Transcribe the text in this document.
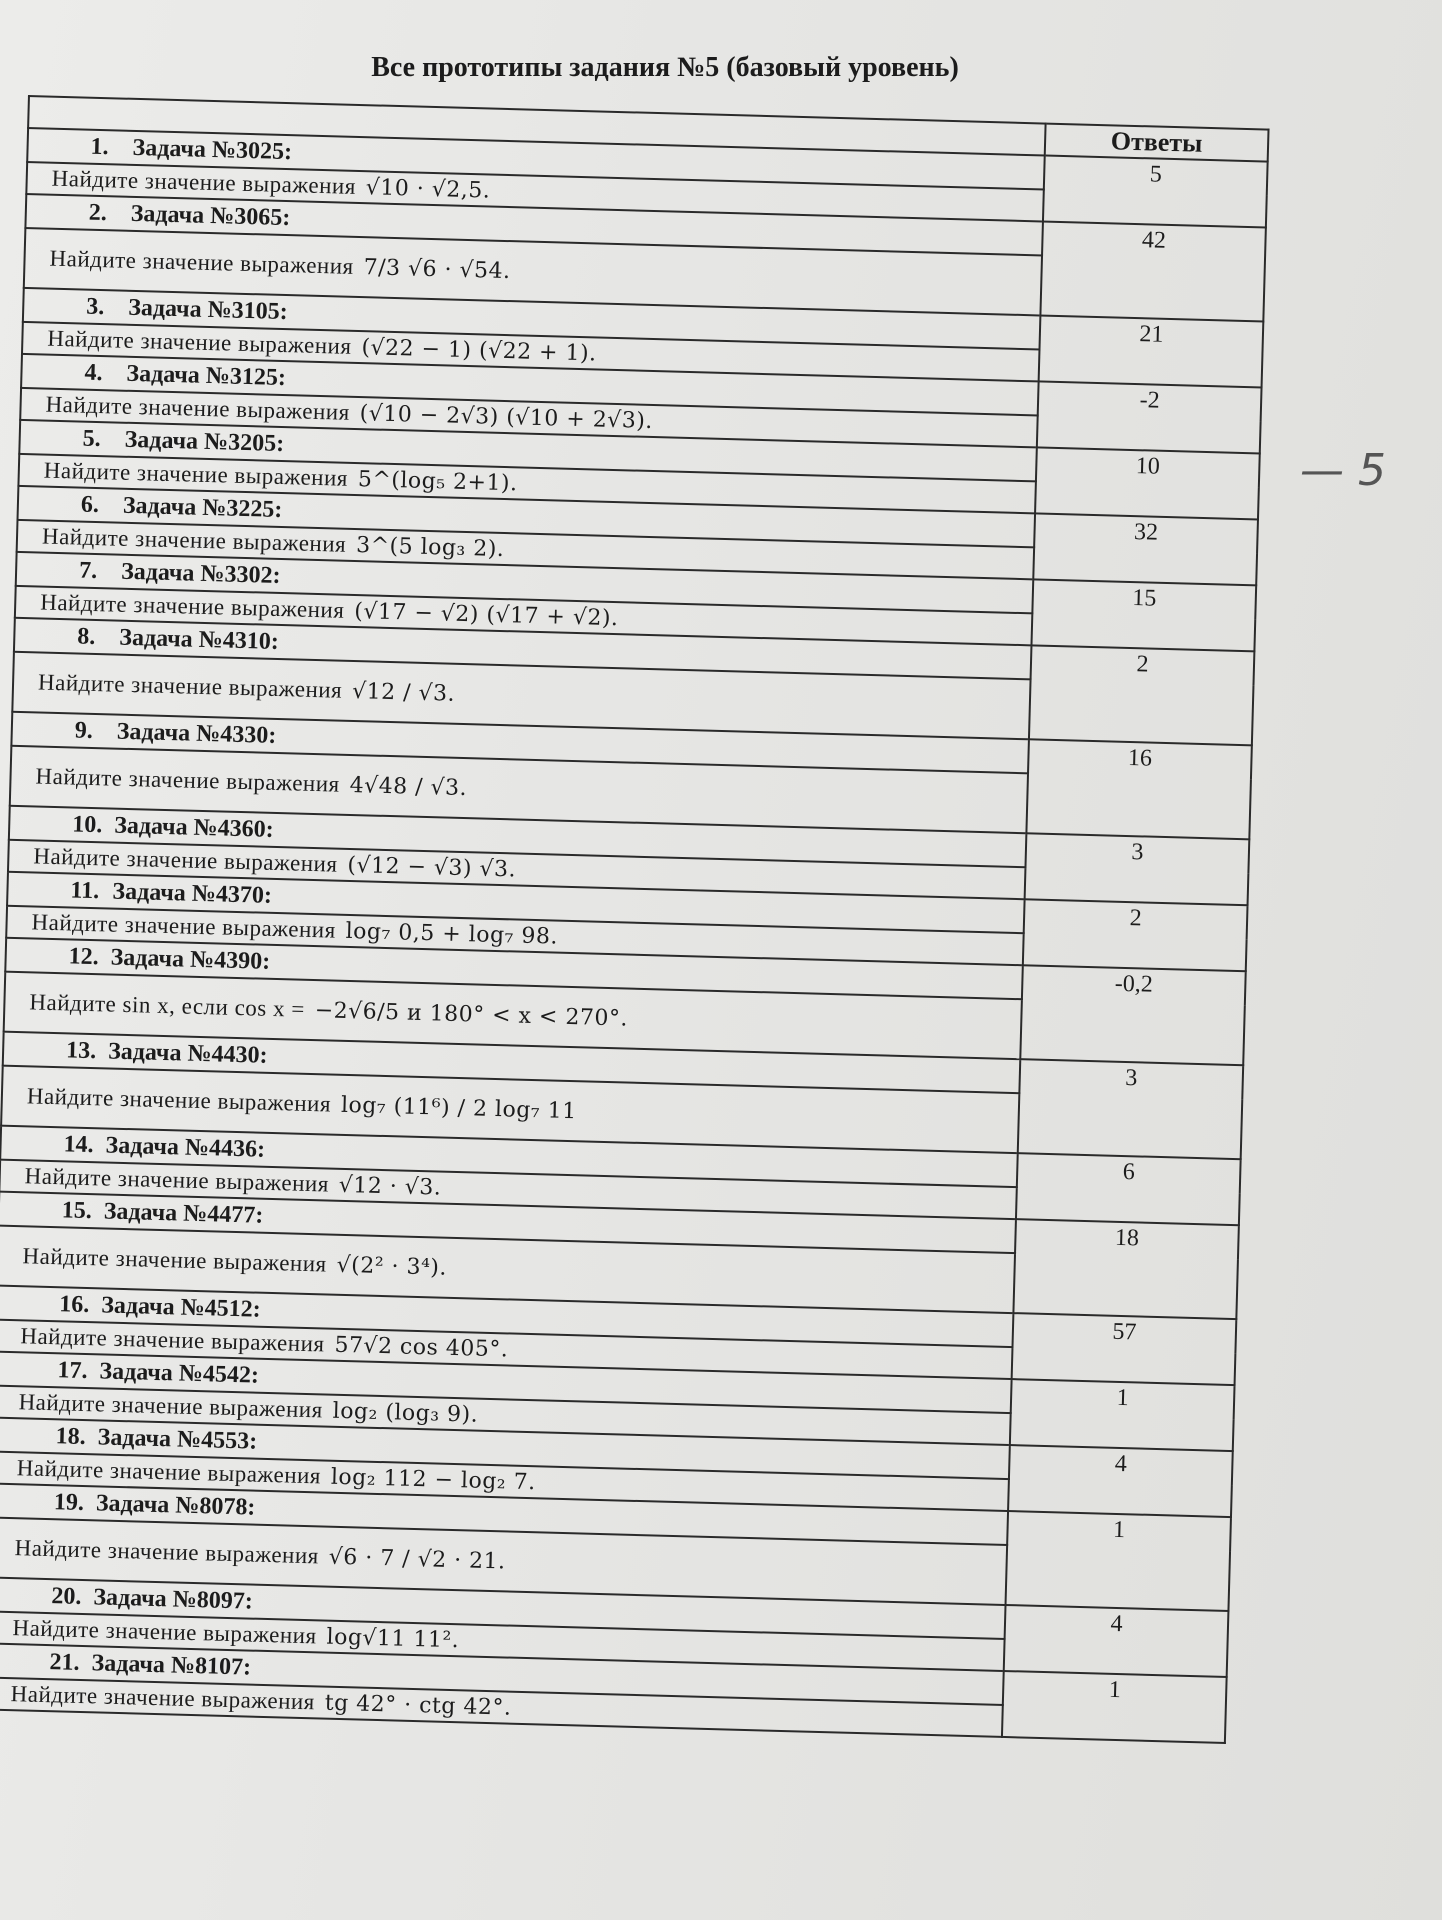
Все прототипы задания №5 (базовый уровень)
	Ответы
1. Задача №3025:	5
Найдите значение выражения √10 · √2,5.	
2. Задача №3065:	42
Найдите значение выражения 7/3 √6 · √54.	
3. Задача №3105:	21
Найдите значение выражения (√22 − 1) (√22 + 1).	
4. Задача №3125:	-2
Найдите значение выражения (√10 − 2√3) (√10 + 2√3).	
5. Задача №3205:	10
Найдите значение выражения 5^(log₅ 2+1).	
6. Задача №3225:	32
Найдите значение выражения 3^(5 log₃ 2).	
7. Задача №3302:	15
Найдите значение выражения (√17 − √2) (√17 + √2).	
8. Задача №4310:	2
Найдите значение выражения √12 / √3.	
9. Задача №4330:	16
Найдите значение выражения 4√48 / √3.	
10. Задача №4360:	3
Найдите значение выражения (√12 − √3) √3.	
11. Задача №4370:	2
Найдите значение выражения log₇ 0,5 + log₇ 98.	
12. Задача №4390:	-0,2
Найдите sin x, если cos x = −2√6/5 и 180° < x < 270°.	
13. Задача №4430:	3
Найдите значение выражения log₇ (11⁶) / 2 log₇ 11	
14. Задача №4436:	6
Найдите значение выражения √12 · √3.	
15. Задача №4477:	18
Найдите значение выражения √(2² · 3⁴).	
16. Задача №4512:	57
Найдите значение выражения 57√2 cos 405°.	
17. Задача №4542:	1
Найдите значение выражения log₂ (log₃ 9).	
18. Задача №4553:	4
Найдите значение выражения log₂ 112 − log₂ 7.	
19. Задача №8078:	1
Найдите значение выражения √6 · 7 / √2 · 21.	
20. Задача №8097:	4
Найдите значение выражения log√11 11².	
21. Задача №8107:	1
Найдите значение выражения tg 42° · ctg 42°.	
— 5
